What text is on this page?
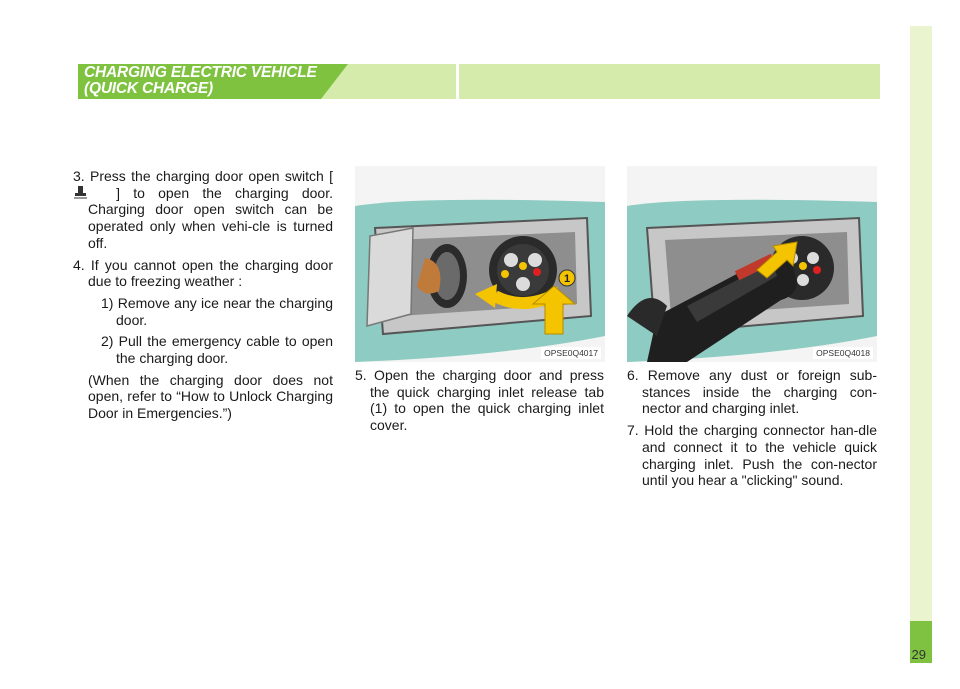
29
CHARGING ELECTRIC VEHICLE
(QUICK CHARGE)

3. Press the charging door open switch [  ] to open the charging door. Charging door open switch can be operated only when vehi-cle is turned off.

4. If you cannot open the charging door due to freezing weather :

1) Remove any ice near the charging door.

2) Pull the emergency cable to open the charging door.

(When the charging door does not open, refer to “How to Unlock Charging Door in Emergencies.”)

1
OPSE0Q4017	OPSE0Q4018

5. Open the charging door and press the quick charging inlet release tab (1) to open the quick charging inlet cover.

6. Remove any dust or foreign sub-stances inside the charging con-nector and charging inlet.

7. Hold the charging connector han-dle and connect it to the vehicle quick charging inlet. Push the con-nector until you hear a "clicking" sound.
